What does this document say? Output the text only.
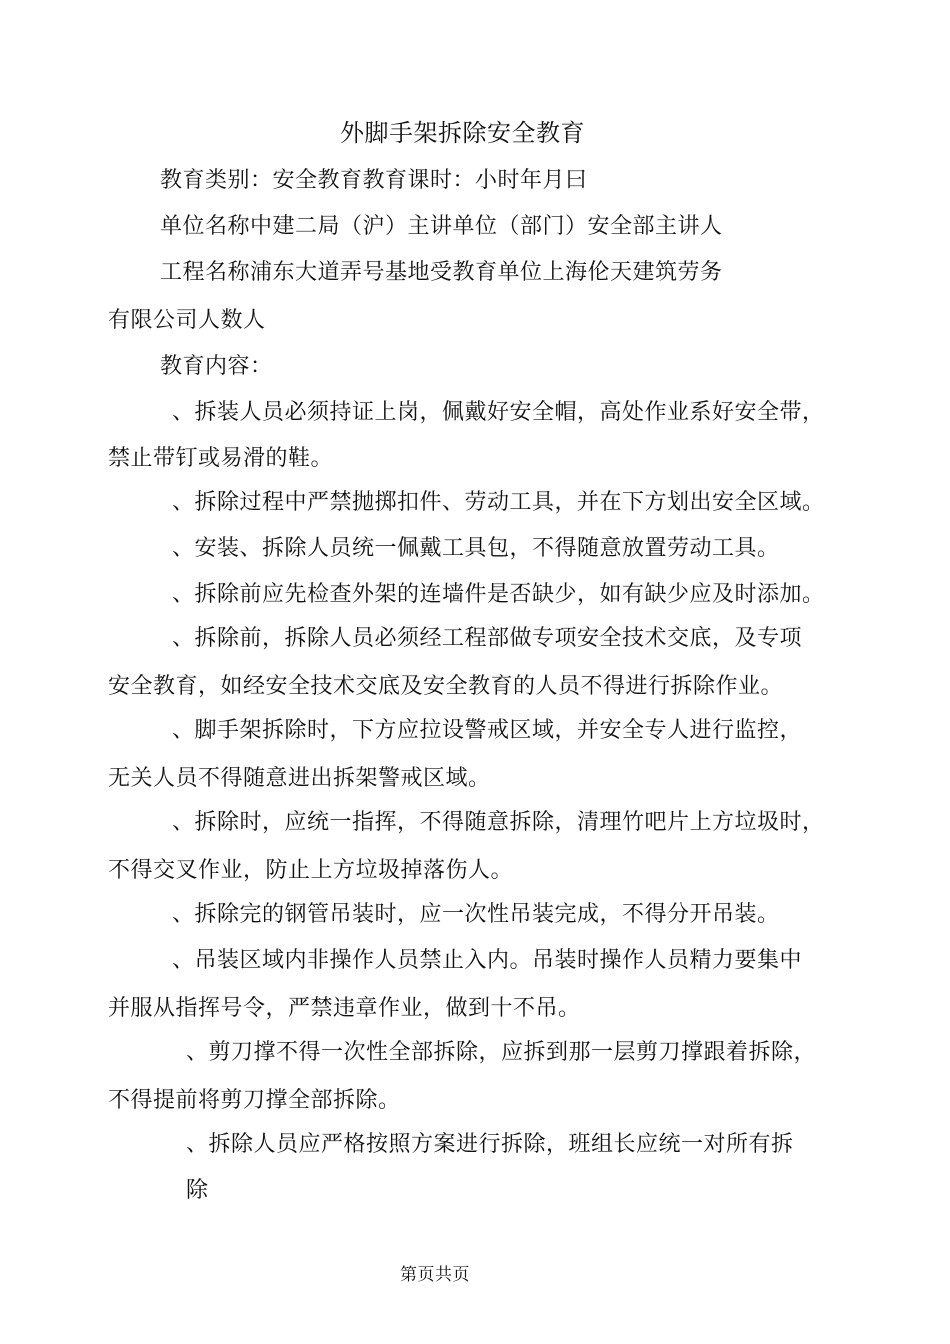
外脚手架拆除安全教育
教育类别：安全教育教育课时：小时年月曰
单位名称中建二局（沪）主讲单位（部门）安全部主讲人
工程名称浦东大道弄号基地受教育单位上海伦天建筑劳务
有限公司人数人
教育内容：
、拆装人员必须持证上岗，佩戴好安全帽，高处作业系好安全带，
禁止带钉或易滑的鞋。
、拆除过程中严禁抛掷扣件、劳动工具，并在下方划出安全区域。
、安装、拆除人员统一佩戴工具包，不得随意放置劳动工具。
、拆除前应先检查外架的连墙件是否缺少，如有缺少应及时添加。
、拆除前，拆除人员必须经工程部做专项安全技术交底，及专项
安全教育，如经安全技术交底及安全教育的人员不得进行拆除作业。
、脚手架拆除时，下方应拉设警戒区域，并安全专人进行监控，
无关人员不得随意进出拆架警戒区域。
、拆除时，应统一指挥，不得随意拆除，清理竹吧片上方垃圾时，
不得交叉作业，防止上方垃圾掉落伤人。
、拆除完的钢管吊装时，应一次性吊装完成，不得分开吊装。
、吊装区域内非操作人员禁止入内。吊装时操作人员精力要集中
并服从指挥号令，严禁违章作业，做到十不吊。
、剪刀撑不得一次性全部拆除，应拆到那一层剪刀撑跟着拆除，
不得提前将剪刀撑全部拆除。
、拆除人员应严格按照方案进行拆除，班组长应统一对所有拆
除
第页共页
